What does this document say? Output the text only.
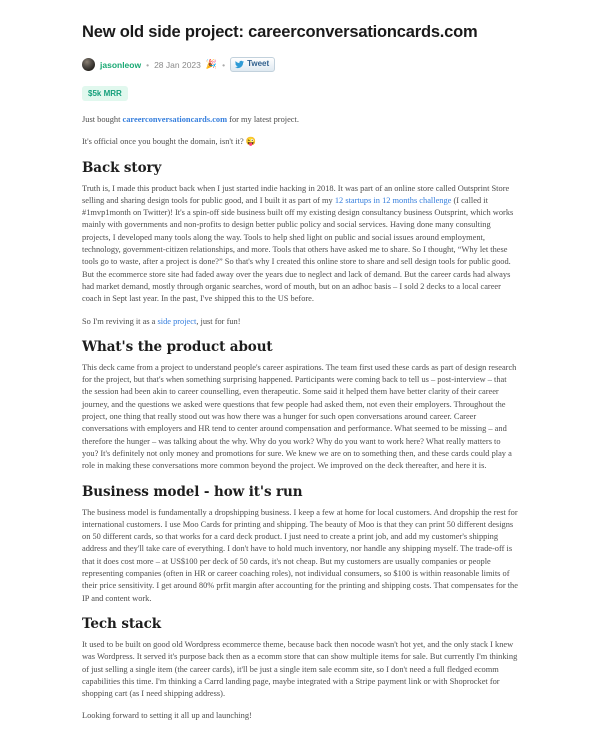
New old side project: careerconversationcards.com
jasonleow • 28 Jan 2023 🎉 •	Tweet
$5k MRR

Just bought careerconversationcards.com for my latest project.

It's official once you bought the domain, isn't it? 😜

Back story

Truth is, I made this product back when I just started indie hacking in 2018. It was part of an online store called Outsprint Store selling and sharing design tools for public good, and I built it as part of my 12 startups in 12 months challenge (I called it #1mvp1month on Twitter)! It's a spin-off side business built off my existing design consultancy business Outsprint, which works mainly with governments and non-profits to design better public policy and social services. Having done many consulting projects, I developed many tools along the way. Tools to help shed light on public and social issues around employment, technology, government-citizen relationships, and more. Tools that others have asked me to share. So I thought, “Why let these tools go to waste, after a project is done?” So that's why I created this online store to share and sell design tools for public good. But the ecommerce store site had faded away over the years due to neglect and lack of demand. But the career cards had always had market demand, mostly through organic searches, word of mouth, but on an adhoc basis – I sold 2 decks to a local career coach in Sept last year. In the past, I've shipped this to the US before.

So I'm reviving it as a side project, just for fun!

What's the product about

This deck came from a project to understand people's career aspirations. The team first used these cards as part of design research for the project, but that's when something surprising happened. Participants were coming back to tell us – post-interview – that the session had been akin to career counselling, even therapeutic. Some said it helped them have better clarity of their career journey, and the questions we asked were questions that few people had asked them, not even their employers. Throughout the project, one thing that really stood out was how there was a hunger for such open conversations around career. Career conversations with employers and HR tend to center around compensation and performance. What seemed to be missing – and therefore the hunger – was talking about the why. Why do you work? Why do you want to work here? What really matters to you? It's definitely not only money and promotions for sure. We knew we are on to something then, and these cards could play a role in making these conversations more common beyond the project. We improved on the deck thereafter, and here it is.

Business model - how it's run

The business model is fundamentally a dropshipping business. I keep a few at home for local customers. And dropship the rest for international customers. I use Moo Cards for printing and shipping. The beauty of Moo is that they can print 50 different designs on 50 different cards, so that works for a card deck product. I just need to create a print job, and add my customer's shipping address and they'll take care of everything. I don't have to hold much inventory, nor handle any shipping myself. The trade-off is that it does cost more – at US$100 per deck of 50 cards, it's not cheap. But my customers are usually companies or people representing companies (often in HR or career coaching roles), not individual consumers, so $100 is within reasonable limits of their price sensitivity. I get around 80% prfit margin after accounting for the printing and shipping costs. That compensates for the IP and content work.

Tech stack

It used to be built on good old Wordpress ecommerce theme, because back then nocode wasn't hot yet, and the only stack I knew was Wordpress. It served it's purpose back then as a ecomm store that can show multiple items for sale. But currently I'm thinking of just selling a single item (the career cards), it'll be just a single item sale ecomm site, so I don't need a full fledged ecomm capabilities this time. I'm thinking a Carrd landing page, maybe integrated with a Stripe payment link or with Shoprocket for shopping cart (as I need shipping address).

Looking forward to setting it all up and launching!
